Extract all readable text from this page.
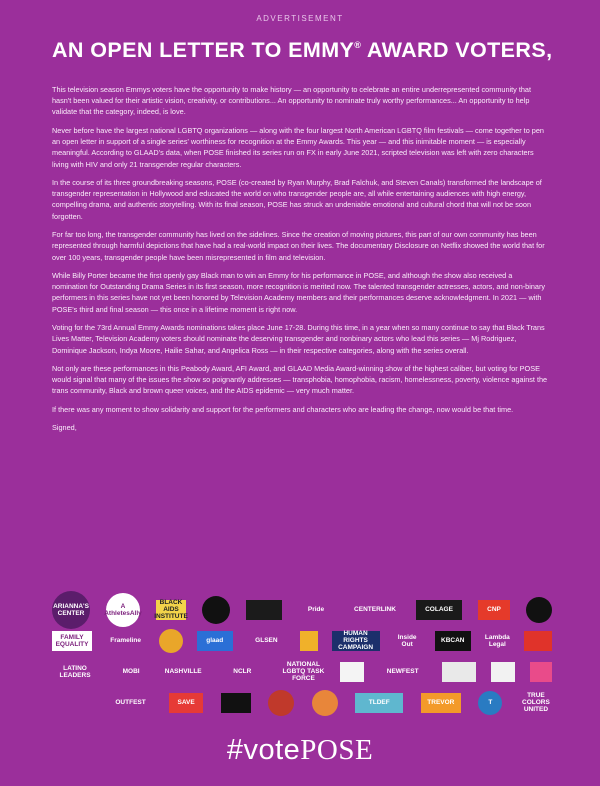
ADVERTISEMENT
AN OPEN LETTER TO EMMY® AWARD VOTERS,

This television season Emmys voters have the opportunity to make history — an opportunity to celebrate an entire underrepresented community that hasn't been valued for their artistic vision, creativity, or contributions... An opportunity to nominate truly worthy performances... An opportunity to help validate that the category, indeed, is love.

Never before have the largest national LGBTQ organizations — along with the four largest North American LGBTQ film festivals — come together to pen an open letter in support of a single series' worthiness for recognition at the Emmy Awards. This year — and this inimitable moment — is especially meaningful. According to GLAAD's data, when POSE finished its series run on FX in early June 2021, scripted television was left with zero characters living with HIV and only 21 transgender regular characters.

In the course of its three groundbreaking seasons, POSE (co-created by Ryan Murphy, Brad Falchuk, and Steven Canals) transformed the landscape of transgender representation in Hollywood and educated the world on who transgender people are, all while entertaining audiences with high energy, compelling drama, and authentic storytelling. With its final season, POSE has struck an undeniable emotional and cultural chord that will not be soon forgotten.

For far too long, the transgender community has lived on the sidelines. Since the creation of moving pictures, this part of our own community has been represented through harmful depictions that have had a real-world impact on their lives. The documentary Disclosure on Netflix showed the world that for over 100 years, transgender people have been misrepresented in film and television.

While Billy Porter became the first openly gay Black man to win an Emmy for his performance in POSE, and although the show also received a nomination for Outstanding Drama Series in its first season, more recognition is merited now. The talented transgender actresses, actors, and non-binary performers in this series have not yet been honored by Television Academy members and their performances deserve acknowledgment. In 2021 — with POSE's third and final season — this once in a lifetime moment is right now.

Voting for the 73rd Annual Emmy Awards nominations takes place June 17-28. During this time, in a year when so many continue to say that Black Trans Lives Matter, Television Academy voters should nominate the deserving transgender and nonbinary actors who lead this series — Mj Rodriguez, Dominique Jackson, Indya Moore, Hailie Sahar, and Angelica Ross — in their respective categories, along with the series overall.

Not only are these performances in this Peabody Award, AFI Award, and GLAAD Media Award-winning show of the highest caliber, but voting for POSE would signal that many of the issues the show so poignantly addresses — transphobia, homophobia, racism, homelessness, poverty, violence against the trans community, Black and brown queer voices, and the AIDS epidemic — very much matter.

If there was any moment to show solidarity and support for the performers and characters who are leading the change, now would be that time.

Signed,

ARIANNA'S CENTER
A AthletesAlly
BLACK AIDS INSTITUTE
Pride	CENTERLINK	COLAGE	CNP
FAMILY EQUALITY	Frameline	glaad	GLSEN
HUMAN RIGHTS CAMPAIGN
Inside Out	KBCAN	Lambda Legal
LATINO LEADERS	MOBI	NASHVILLE	NCLR
NATIONAL LGBTQ TASK FORCE
NEWFEST
OUTFEST	SAVE	TLDEF	TREVOR	T
TRUE COLORS UNITED
#votePOSE
